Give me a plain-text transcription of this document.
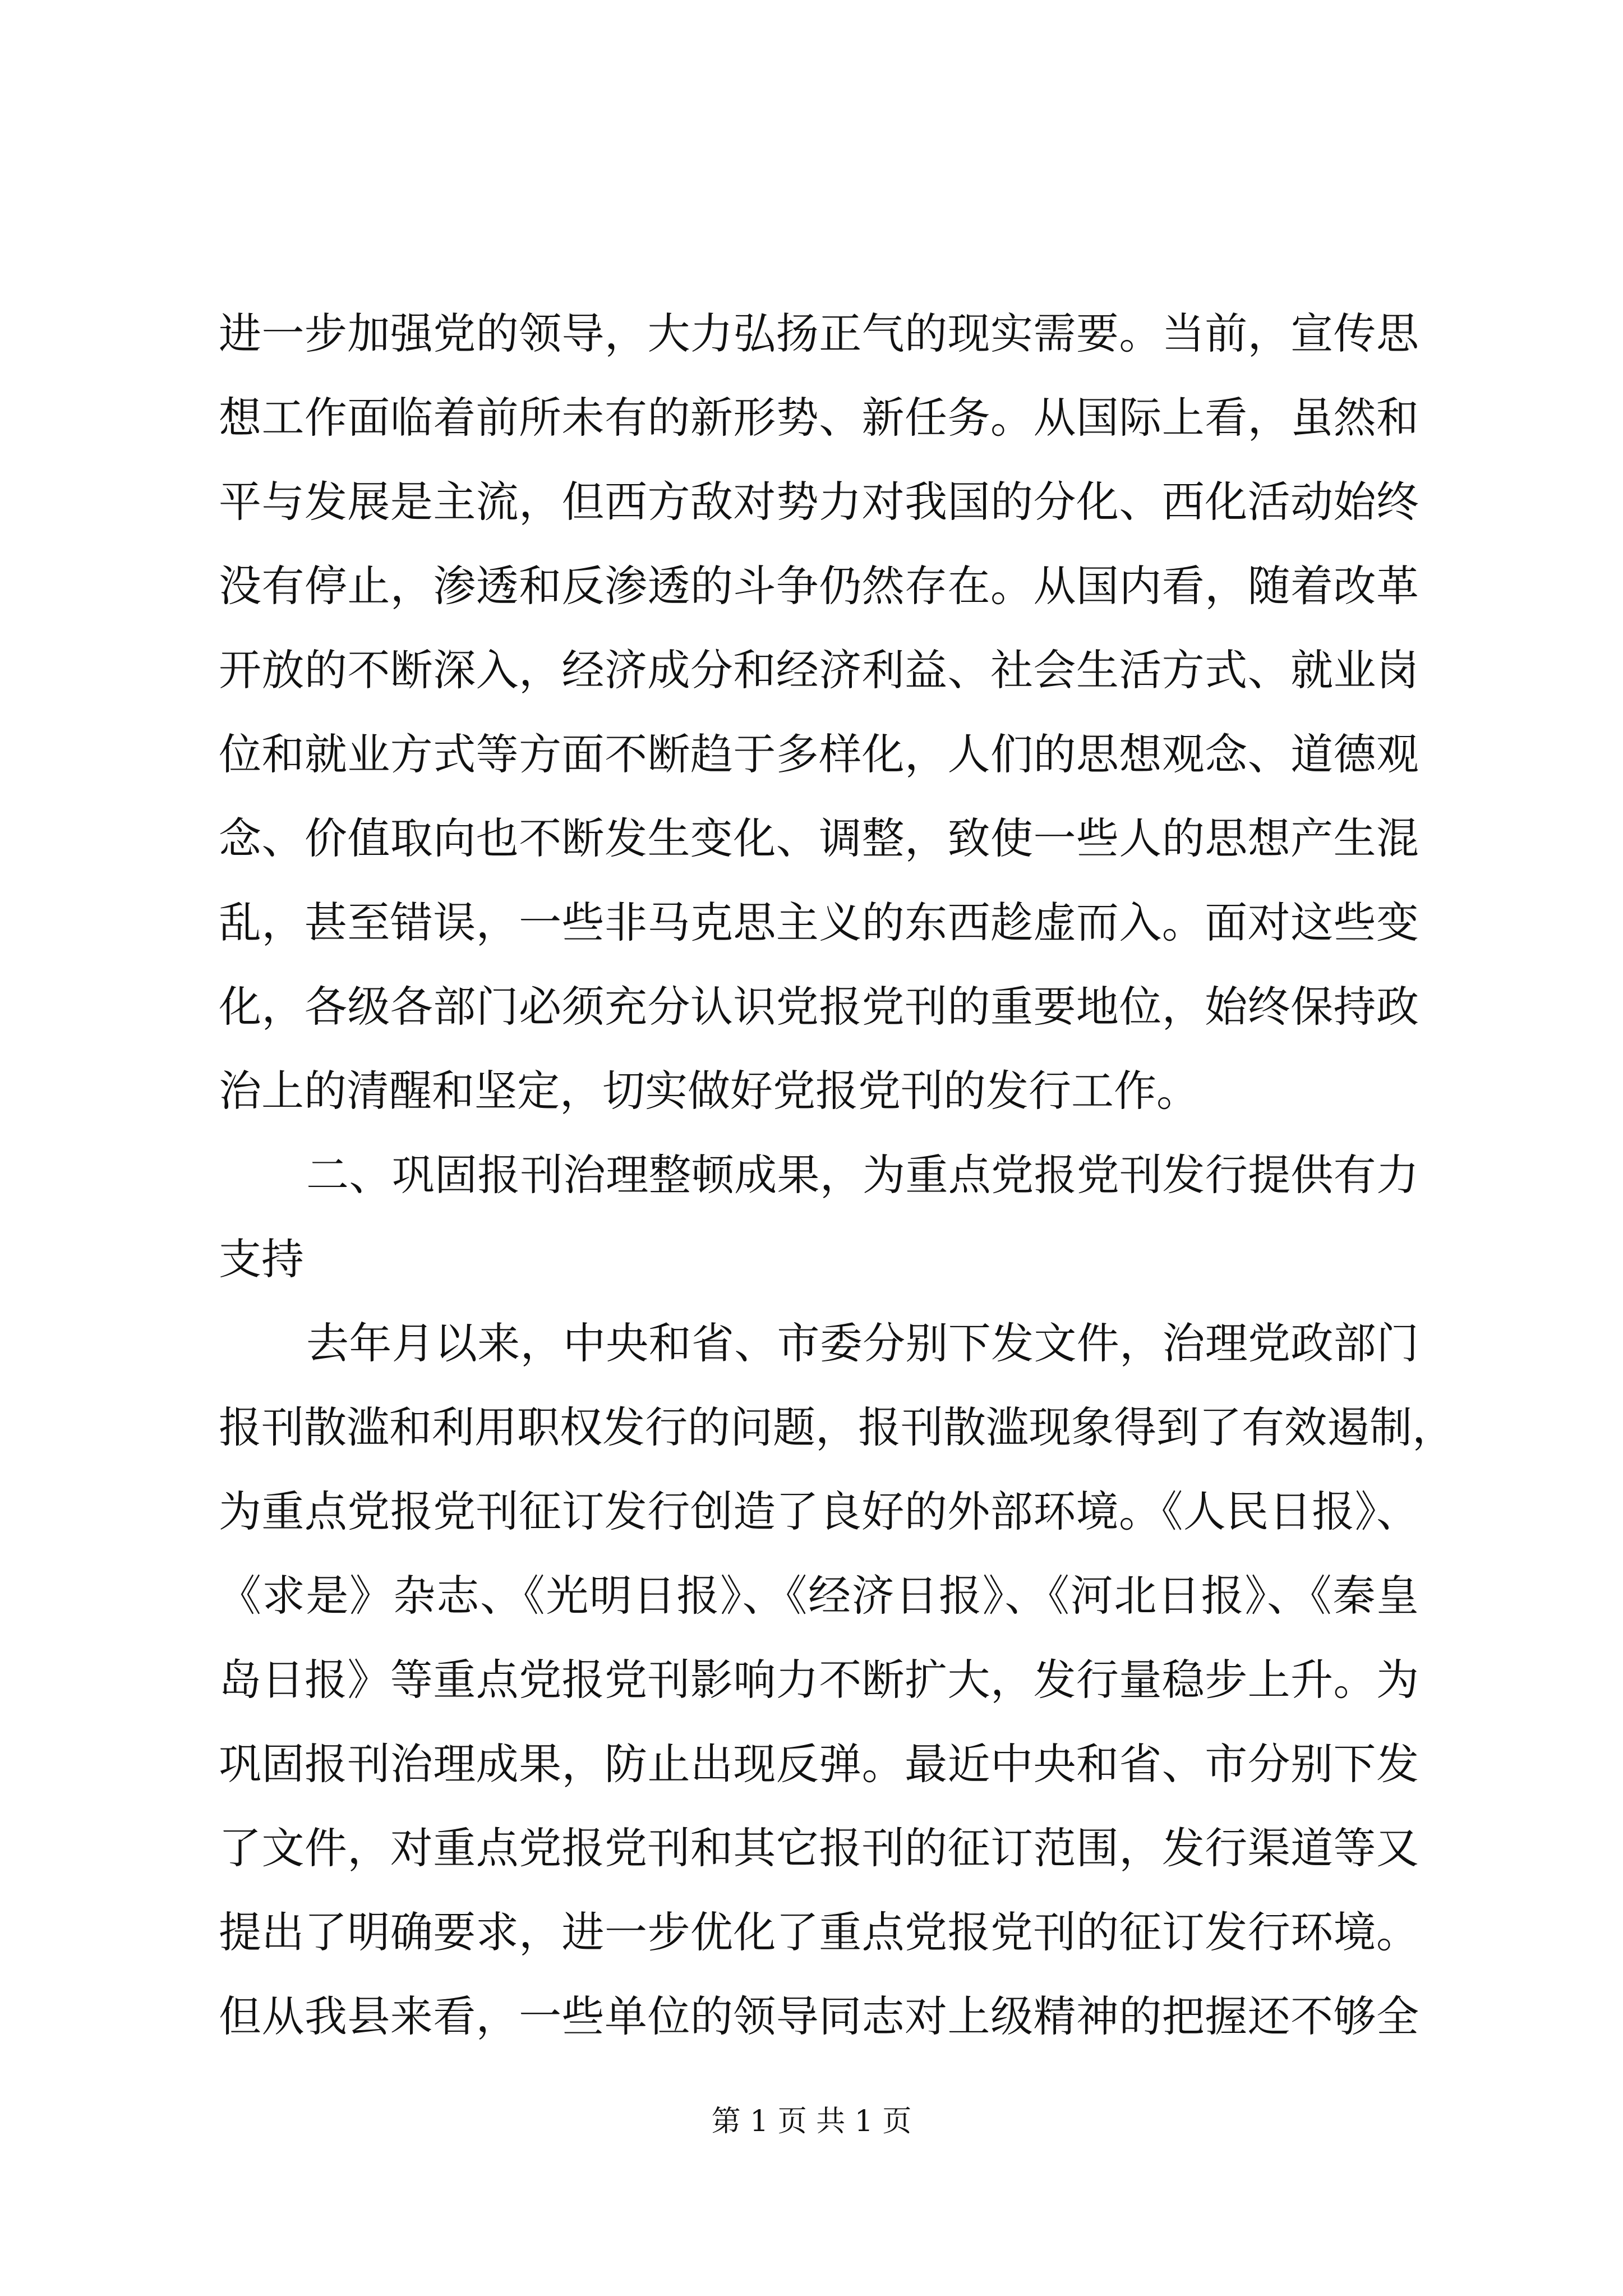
进一步加强党的领导，大力弘扬正气的现实需要。当前，宣传思
想工作面临着前所未有的新形势、新任务。从国际上看，虽然和
平与发展是主流，但西方敌对势力对我国的分化、西化活动始终
没有停止，渗透和反渗透的斗争仍然存在。从国内看，随着改革
开放的不断深入，经济成分和经济利益、社会生活方式、就业岗
位和就业方式等方面不断趋于多样化，人们的思想观念、道德观
念、价值取向也不断发生变化、调整，致使一些人的思想产生混
乱，甚至错误，一些非马克思主义的东西趁虚而入。面对这些变
化，各级各部门必须充分认识党报党刊的重要地位，始终保持政
治上的清醒和坚定，切实做好党报党刊的发行工作。
二、巩固报刊治理整顿成果，为重点党报党刊发行提供有力
支持
去年月以来，中央和省、市委分别下发文件，治理党政部门
报刊散滥和利用职权发行的问题，报刊散滥现象得到了有效遏制，
为重点党报党刊征订发行创造了良好的外部环境。《人民日报》、
《求是》杂志、《光明日报》、《经济日报》、《河北日报》、《秦皇
岛日报》等重点党报党刊影响力不断扩大，发行量稳步上升。为
巩固报刊治理成果，防止出现反弹。最近中央和省、市分别下发
了文件，对重点党报党刊和其它报刊的征订范围，发行渠道等又
提出了明确要求，进一步优化了重点党报党刊的征订发行环境。
但从我县来看，一些单位的领导同志对上级精神的把握还不够全
第 1 页 共 1 页
